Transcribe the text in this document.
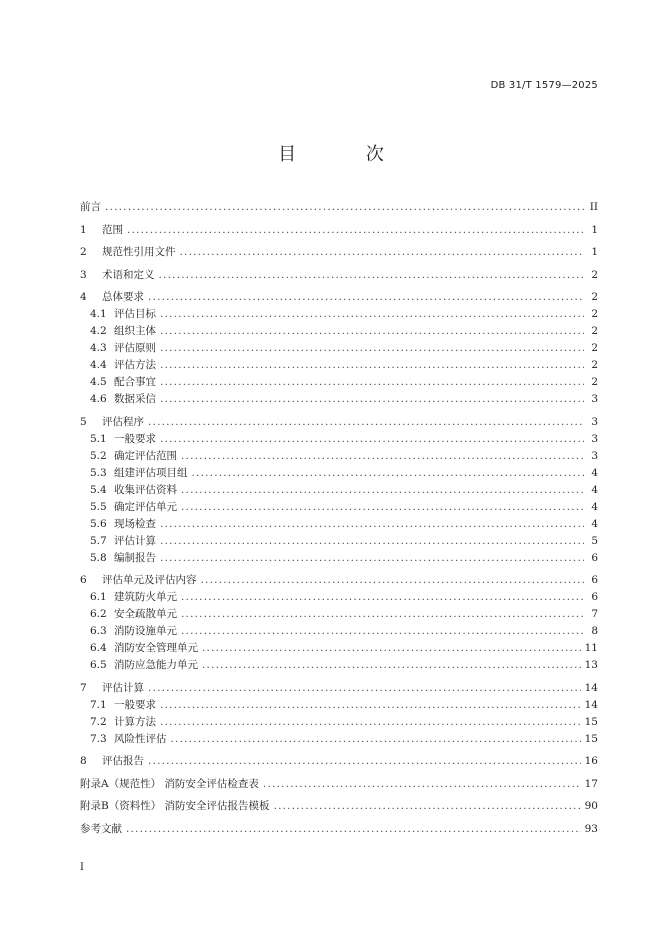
DB 31/T 1579—2025
目 次
前言 .....	II
1	范围 .....	1
2	规范性引用文件 .....	1
3	术语和定义 .....	2
4	总体要求 .....	2
4.1 评估目标 .....	2
4.2 组织主体 .....	2
4.3 评估原则 .....	2
4.4 评估方法 .....	2
4.5 配合事宜 .....	2
4.6 数据采信 .....	3
5	评估程序 .....	3
5.1 一般要求 .....	3
5.2 确定评估范围 .....	3
5.3 组建评估项目组 .....	4
5.4 收集评估资料 .....	4
5.5 确定评估单元 .....	4
5.6 现场检查 .....	4
5.7 评估计算 .....	5
5.8 编制报告 .....	6
6	评估单元及评估内容 .....	6
6.1 建筑防火单元 .....	6
6.2 安全疏散单元 .....	7
6.3 消防设施单元 .....	8
6.4 消防安全管理单元 .....	11
6.5 消防应急能力单元 .....	13
7	评估计算 .....	14
7.1 一般要求 .....	14
7.2 计算方法 .....	15
7.3 风险性评估 .....	15
8	评估报告 .....	16
附录A（规范性） 消防安全评估检查表 .....	17
附录B（资料性） 消防安全评估报告模板 .....	90
参考文献 .....	93
I
